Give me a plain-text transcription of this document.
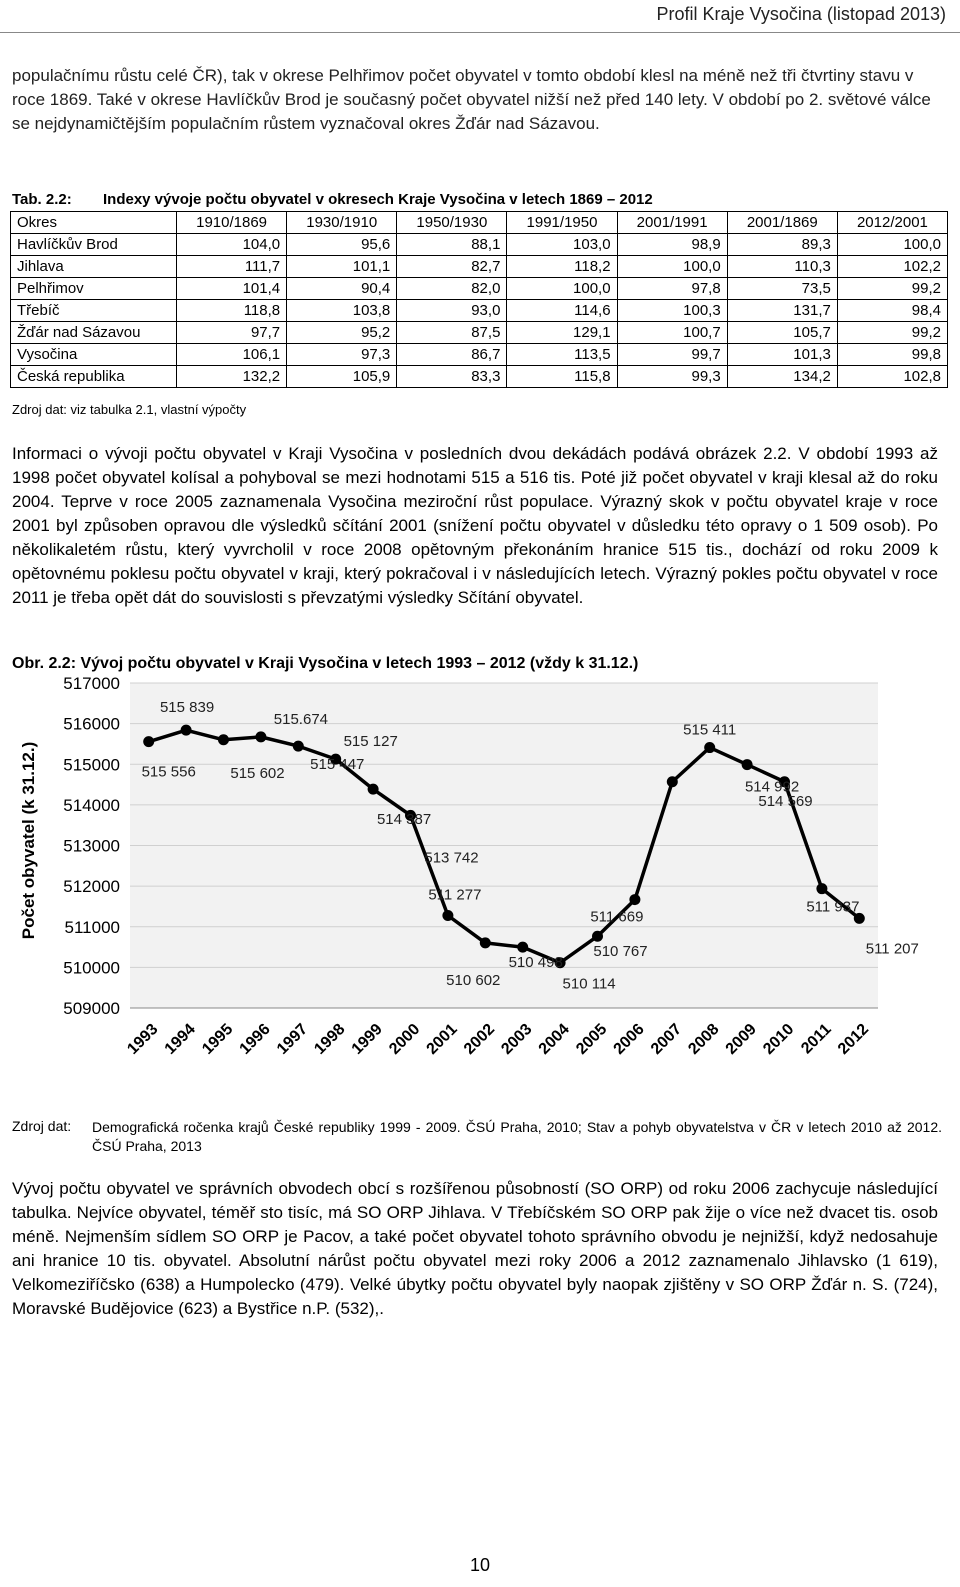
Profil Kraje Vysočina (listopad 2013)
populačnímu růstu celé ČR), tak v okrese Pelhřimov počet obyvatel v tomto období klesl na méně než tři čtvrtiny stavu v roce 1869. Také v okrese Havlíčkův Brod je současný počet obyvatel nižší než před 140 lety. V období po 2. světové válce se nejdynamičtějším populačním růstem vyznačoval okres Žďár nad Sázavou.
Tab. 2.2: Indexy vývoje počtu obyvatel v okresech Kraje Vysočina v letech 1869 – 2012
Okres	1910/1869	1930/1910	1950/1930	1991/1950	2001/1991	2001/1869	2012/2001
Havlíčkův Brod	104,0	95,6	88,1	103,0	98,9	89,3	100,0
Jihlava	111,7	101,1	82,7	118,2	100,0	110,3	102,2
Pelhřimov	101,4	90,4	82,0	100,0	97,8	73,5	99,2
Třebíč	118,8	103,8	93,0	114,6	100,3	131,7	98,4
Žďár nad Sázavou	97,7	95,2	87,5	129,1	100,7	105,7	99,2
Vysočina	106,1	97,3	86,7	113,5	99,7	101,3	99,8
Česká republika	132,2	105,9	83,3	115,8	99,3	134,2	102,8
Zdroj dat: viz tabulka 2.1, vlastní výpočty
Informaci o vývoji počtu obyvatel v Kraji Vysočina v posledních dvou dekádách podává obrázek 2.2. V období 1993 až 1998 počet obyvatel kolísal a pohyboval se mezi hodnotami 515 a 516 tis. Poté již počet obyvatel v kraji klesal až do roku 2004. Teprve v roce 2005 zaznamenala Vysočina meziroční růst populace. Výrazný skok v počtu obyvatel kraje v roce 2001 byl způsoben opravou dle výsledků sčítání 2001 (snížení počtu obyvatel v důsledku této opravy o 1 509 osob). Po několikaletém růstu, který vyvrcholil v roce 2008 opětovným překonáním hranice 515 tis., dochází od roku 2009 k opětovnému poklesu počtu obyvatel v kraji, který pokračoval i v následujících letech. Výrazný pokles počtu obyvatel v roce 2011 je třeba opět dát do souvislosti s převzatými výsledky Sčítání obyvatel.
Obr. 2.2: Vývoj počtu obyvatel v Kraji Vysočina v letech 1993 – 2012 (vždy k 31.12.)
509000
510000
511000
512000
513000
514000
515000
516000
517000
Počet obyvatel (k 31.12.)
1993 1994 1995 1996 1997 1998 1999 2000 2001 2002 2003 2004 2005 2006 2007 2008 2009 2010 2011 2012
515 556
515 839
515 602
515.674
515 447
515 127
514 387
513 742
511 277
510 602
510 498
510 114
510 767
511 669
515 411
514 992
514 569
511 937
511 207
Zdroj dat: Demografická ročenka krajů České republiky 1999 - 2009. ČSÚ Praha, 2010; Stav a pohyb obyvatelstva v ČR v letech 2010 až 2012. ČSÚ Praha, 2013
Vývoj počtu obyvatel ve správních obvodech obcí s rozšířenou působností (SO ORP) od roku 2006 zachycuje následující tabulka. Nejvíce obyvatel, téměř sto tisíc, má SO ORP Jihlava. V Třebíčském SO ORP pak žije o více než dvacet tis. osob méně. Nejmenším sídlem SO ORP je Pacov, a také počet obyvatel tohoto správního obvodu je nejnižší, když nedosahuje ani hranice 10 tis. obyvatel. Absolutní nárůst počtu obyvatel mezi roky 2006 a 2012 zaznamenalo Jihlavsko (1 619), Velkomeziříčsko (638) a Humpolecko (479). Velké úbytky počtu obyvatel byly naopak zjištěny v SO ORP Žďár n. S. (724), Moravské Budějovice (623) a Bystřice n.P. (532),.
10
